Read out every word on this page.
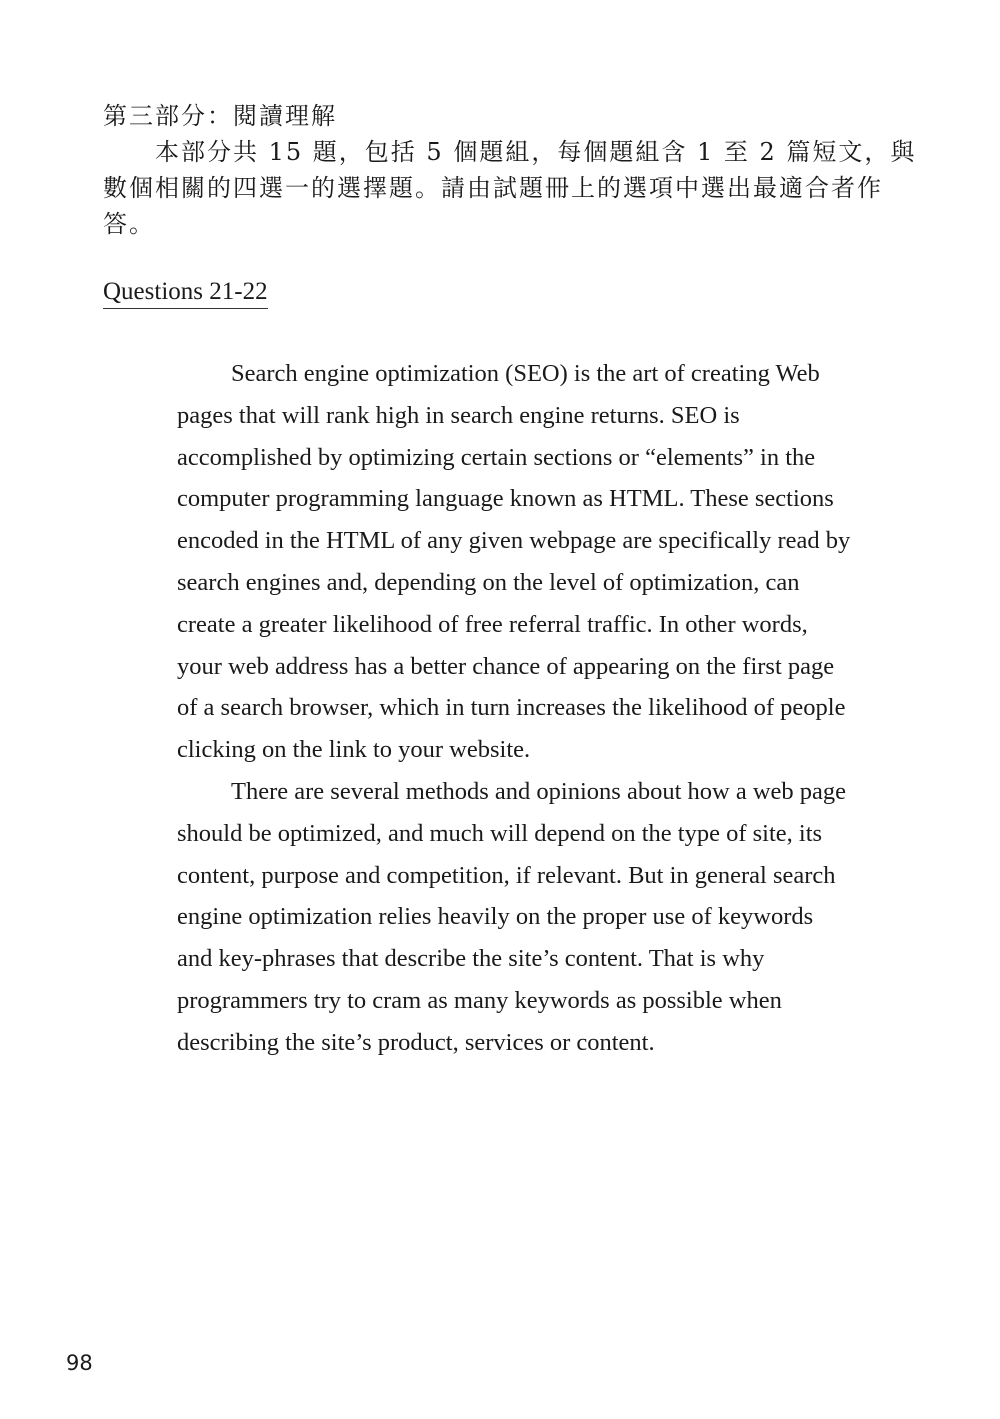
第三部分：閱讀理解

　　本部分共 15 題，包括 5 個題組，每個題組含 1 至 2 篇短文，與

數個相關的四選一的選擇題。請由試題冊上的選項中選出最適合者作

答。

Questions 21-22
Search engine optimization (SEO) is the art of creating Web
pages that will rank high in search engine returns. SEO is
accomplished by optimizing certain sections or “elements” in the
computer programming language known as HTML. These sections
encoded in the HTML of any given webpage are specifically read by
search engines and, depending on the level of optimization, can
create a greater likelihood of free referral traffic. In other words,
your web address has a better chance of appearing on the first page
of a search browser, which in turn increases the likelihood of people
clicking on the link to your website.
There are several methods and opinions about how a web page
should be optimized, and much will depend on the type of site, its
content, purpose and competition, if relevant. But in general search
engine optimization relies heavily on the proper use of keywords
and key-phrases that describe the site’s content. That is why
programmers try to cram as many keywords as possible when
describing the site’s product, services or content.
98
